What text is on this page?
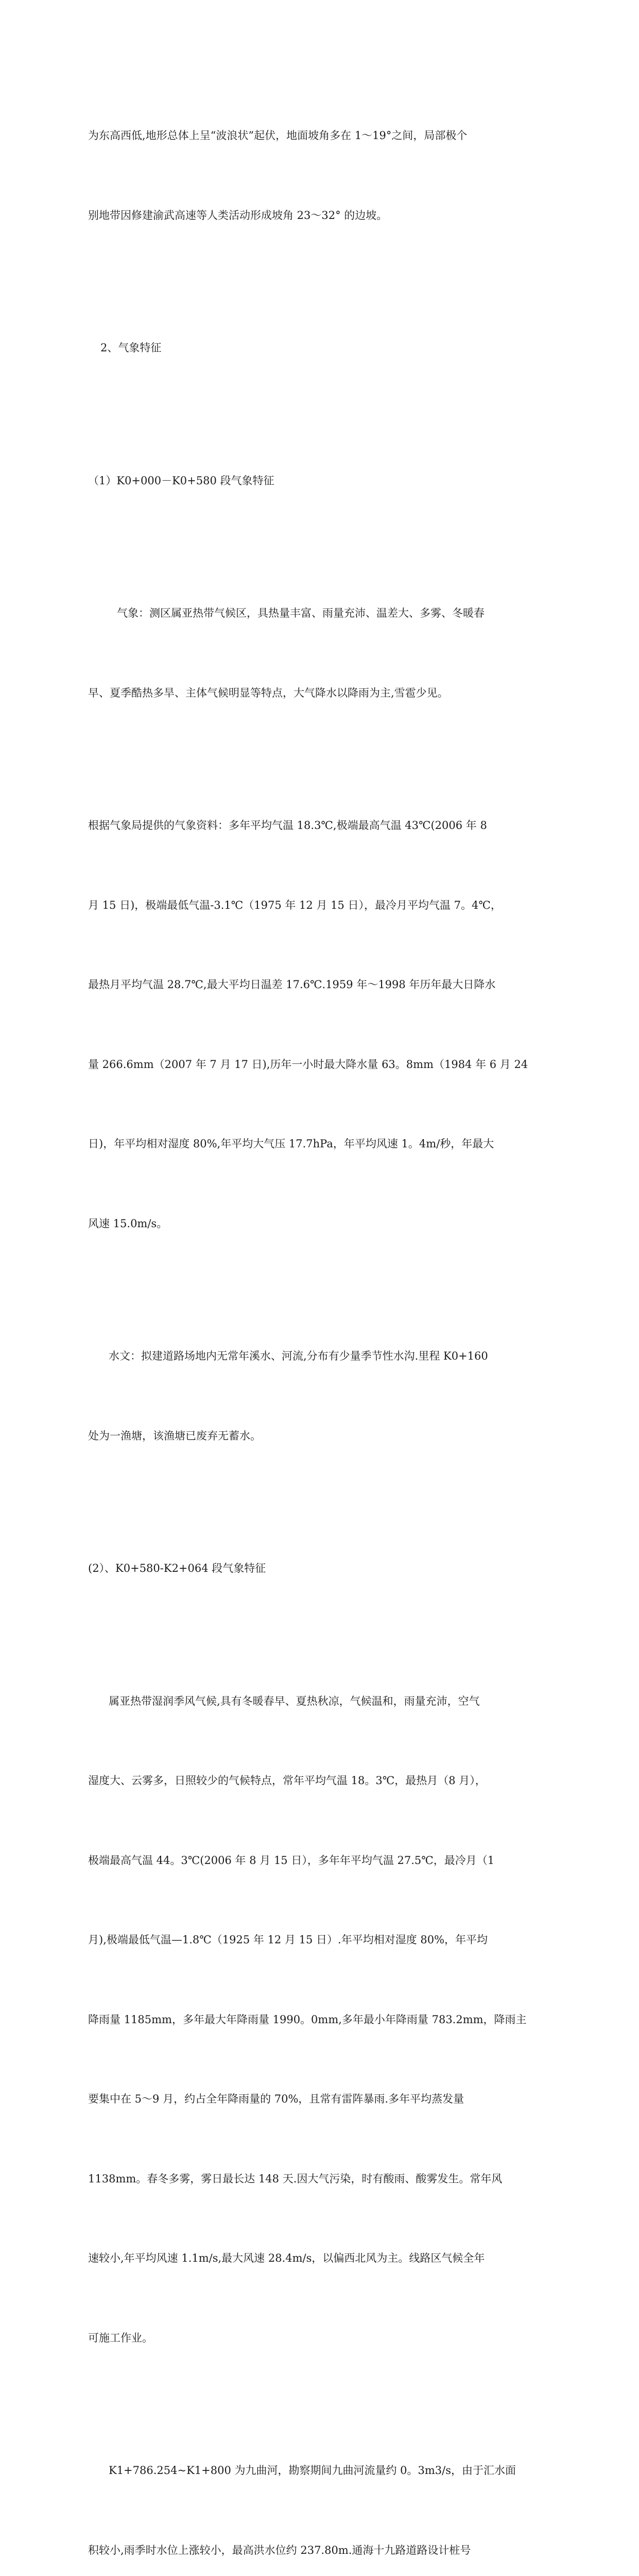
为东高西低,地形总体上呈“波浪状”起伏，地面坡角多在 1～19°之间，局部极个

别地带因修建渝武高速等人类活动形成坡角 23～32° 的边坡。

2、气象特征

（1）K0+000－K0+580 段气象特征

气象：测区属亚热带气候区，具热量丰富、雨量充沛、温差大、多雾、冬暖春

早、夏季酷热多旱、主体气候明显等特点，大气降水以降雨为主,雪雹少见。

根据气象局提供的气象资料：多年平均气温 18.3℃,极端最高气温 43℃(2006 年 8

月 15 日)，极端最低气温-3.1℃（1975 年 12 月 15 日），最冷月平均气温 7。4℃，

最热月平均气温 28.7℃,最大平均日温差 17.6℃.1959 年～1998 年历年最大日降水

量 266.6mm（2007 年 7 月 17 日),历年一小时最大降水量 63。8mm（1984 年 6 月 24

日)，年平均相对湿度 80%,年平均大气压 17.7hPa，年平均风速 1。4m/秒，年最大

风速 15.0m/s。

水文：拟建道路场地内无常年溪水、河流,分布有少量季节性水沟.里程 K0+160

处为一渔塘，该渔塘已废弃无蓄水。

(2）、K0+580-K2+064 段气象特征

属亚热带湿润季风气候,具有冬暖春早、夏热秋凉，气候温和，雨量充沛，空气

湿度大、云雾多，日照较少的气候特点，常年平均气温 18。3℃，最热月（8 月），

极端最高气温 44。3℃(2006 年 8 月 15 日），多年年平均气温 27.5℃，最冷月（1

月),极端最低气温—1.8℃（1925 年 12 月 15 日）.年平均相对湿度 80%，年平均

降雨量 1185mm，多年最大年降雨量 1990。0mm,多年最小年降雨量 783.2mm，降雨主

要集中在 5～9 月，约占全年降雨量的 70%，且常有雷阵暴雨.多年平均蒸发量

1138mm。春冬多雾，雾日最长达 148 天.因大气污染，时有酸雨、酸雾发生。常年风

速较小,年平均风速 1.1m/s,最大风速 28.4m/s，以偏西北风为主。线路区气候全年

可施工作业。

K1+786.254~K1+800 为九曲河，勘察期间九曲河流量约 0。3m3/s，由于汇水面

积较小,雨季时水位上涨较小，最高洪水位约 237.80m.通海十九路道路设计桩号
